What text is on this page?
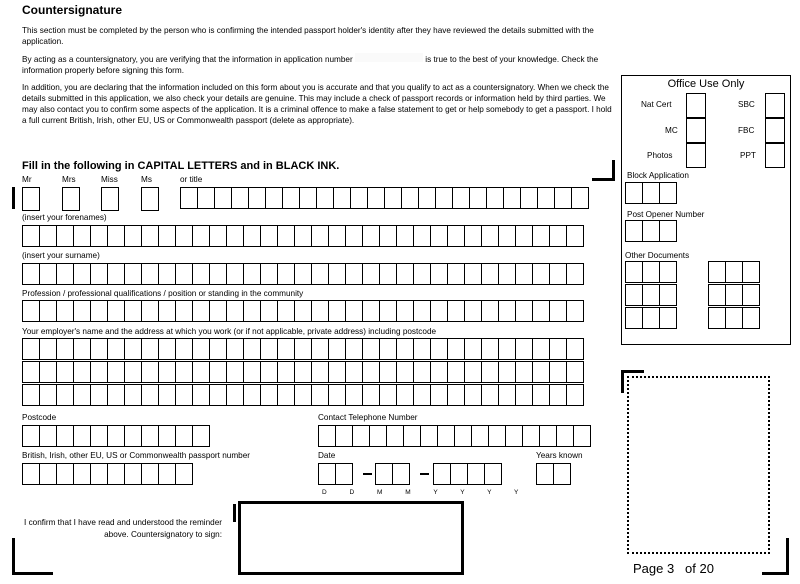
Countersignature
This section must be completed by the person who is confirming the intended passport holder's identity after they have reviewed the details submitted with the application.
By acting as a countersignatory, you are verifying that the information in application number	is true to the best of your knowledge. Check the information properly before signing this form.
In addition, you are declaring that the information included on this form about you is accurate and that you qualify to act as a countersignatory. When we check the details submitted in this application, we also check your details are genuine. This may include a check of passport records or information held by third parties. We may also contact you to confirm some aspects of the application. It is a criminal offence to make a false statement to get or help somebody to get a passport. I hold a full current British, Irish, other EU, US or Commonwealth passport (delete as appropriate).
Fill in the following in CAPITAL LETTERS and in BLACK INK.
Mr	Mrs	Miss	Ms	or title
(insert your forenames)
(insert your surname)
Profession / professional qualifications / position or standing in the community
Your employer's name and the address at which you work (or if not applicable, private address) including postcode
Postcode	Contact Telephone Number
British, Irish, other EU, US or Commonwealth passport number	Date
D D M M Y Y Y Y
Years known
I confirm that I have read and understood the reminder above. Countersignatory to sign:
Office Use Only
Nat Cert	SBC
MC	FBC
Photos	PPT
Block Application
Post Opener Number
Other Documents
Page 3 of 20
